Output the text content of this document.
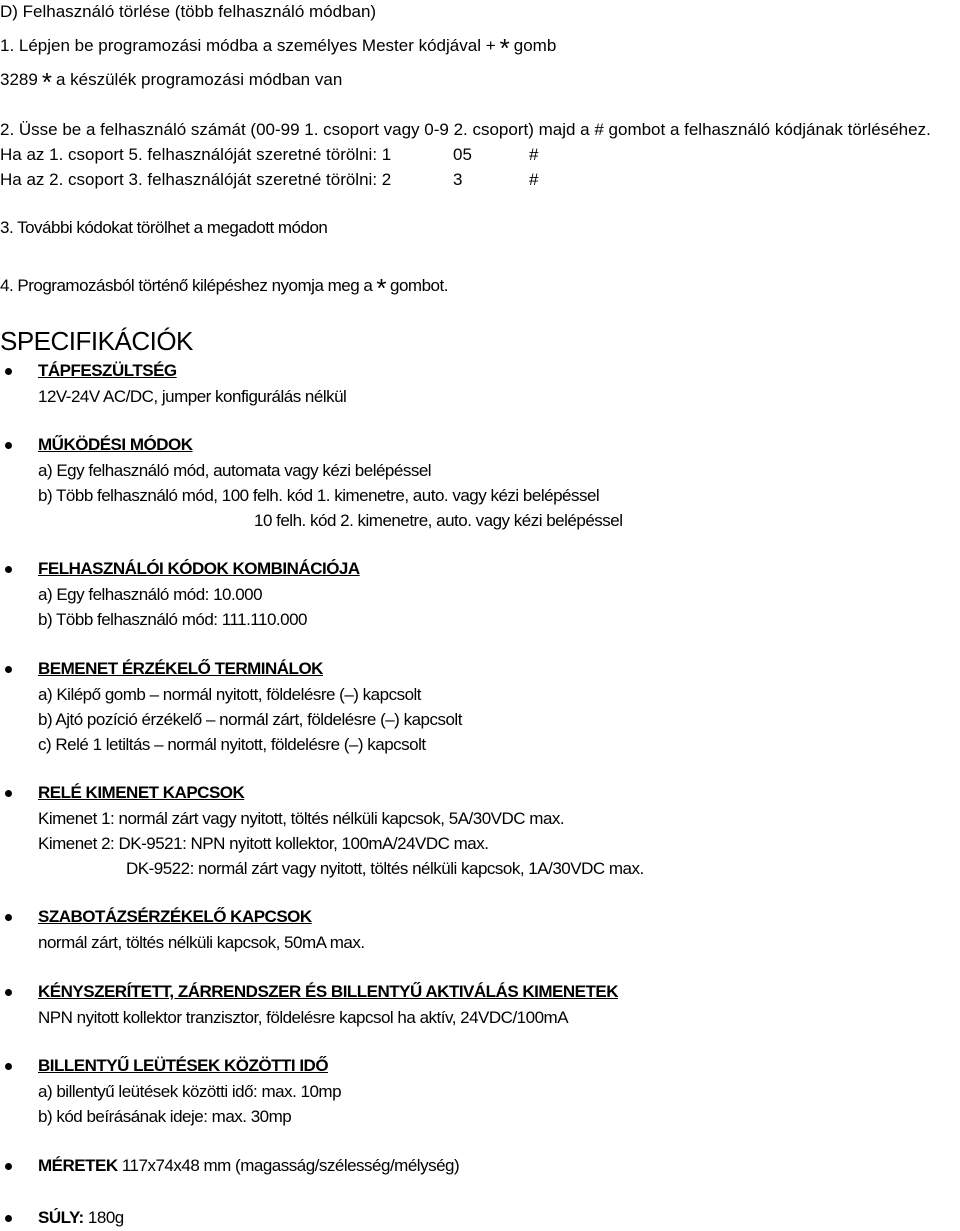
D) Felhasználó törlése (több felhasználó módban)
1. Lépjen be programozási módba a személyes Mester kódjával + * gomb
3289 * a készülék programozási módban van
2. Üsse be a felhasználó számát (00-99 1. csoport vagy 0-9 2. csoport) majd a # gombot a felhasználó kódjának törléséhez.
Ha az 1. csoport 5. felhasználóját szeretné törölni: 1	05	#
Ha az 2. csoport 3. felhasználóját szeretné törölni: 2	3	#
3. További kódokat törölhet a megadott módon
4. Programozásból történő kilépéshez nyomja meg a * gombot.
SPECIFIKÁCIÓK
TÁPFESZÜLTSÉG
12V-24V AC/DC, jumper konfigurálás nélkül
MŰKÖDÉSI MÓDOK
a) Egy felhasználó mód, automata vagy kézi belépéssel
b) Több felhasználó mód, 100 felh. kód 1. kimenetre, auto. vagy kézi belépéssel
10 felh. kód 2. kimenetre, auto. vagy kézi belépéssel
FELHASZNÁLÓI KÓDOK KOMBINÁCIÓJA
a) Egy felhasználó mód: 10.000
b) Több felhasználó mód: 111.110.000
BEMENET ÉRZÉKELŐ TERMINÁLOK
a) Kilépő gomb – normál nyitott, földelésre (–) kapcsolt
b) Ajtó pozíció érzékelő – normál zárt, földelésre (–) kapcsolt
c) Relé 1 letiltás – normál nyitott, földelésre (–) kapcsolt
RELÉ KIMENET KAPCSOK
Kimenet 1: normál zárt vagy nyitott, töltés nélküli kapcsok, 5A/30VDC max.
Kimenet 2: DK-9521: NPN nyitott kollektor, 100mA/24VDC max.
DK-9522: normál zárt vagy nyitott, töltés nélküli kapcsok, 1A/30VDC max.
SZABOTÁZSÉRZÉKELŐ KAPCSOK
normál zárt, töltés nélküli kapcsok, 50mA max.
KÉNYSZERÍTETT, ZÁRRENDSZER ÉS BILLENTYŰ AKTIVÁLÁS KIMENETEK
NPN nyitott kollektor tranzisztor, földelésre kapcsol ha aktív, 24VDC/100mA
BILLENTYŰ LEÜTÉSEK KÖZÖTTI IDŐ
a) billentyű leütések közötti idő: max. 10mp
b) kód beírásának ideje: max. 30mp
MÉRETEK 117x74x48 mm (magasság/szélesség/mélység)
SÚLY: 180g
